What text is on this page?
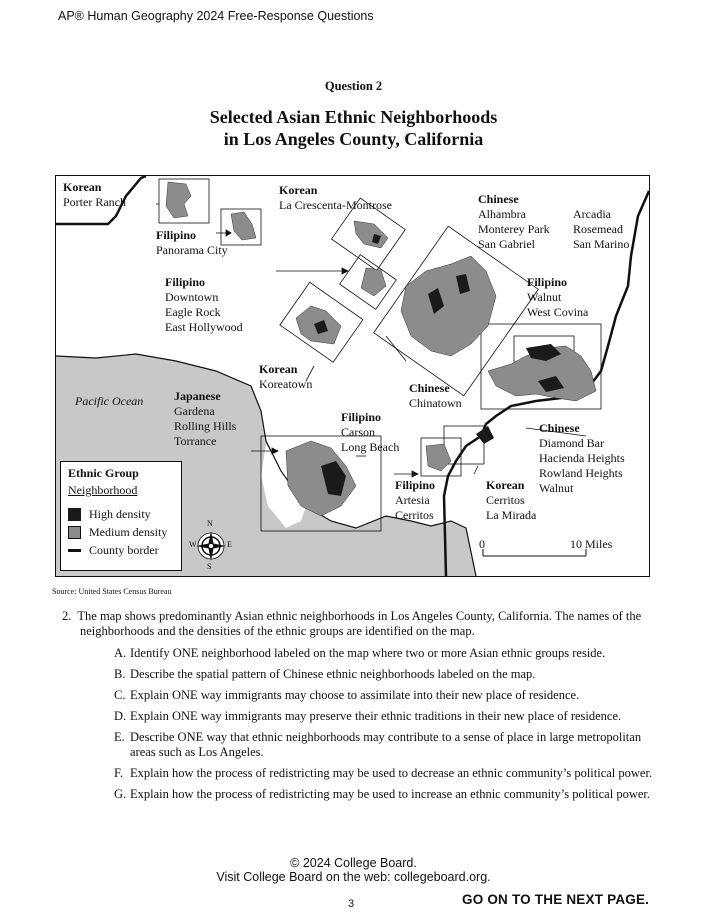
AP® Human Geography 2024 Free-Response Questions
Question 2
Selected Asian Ethnic Neighborhoods
in Los Angeles County, California
Korean
Porter Ranch
Filipino
Panorama City
Korean
La Crescenta-Montrose	Chinese
Alhambra
Monterey Park
San Gabriel
Arcadia
Rosemead
San Marino
Filipino
Downtown
Eagle Rock
East Hollywood
Filipino
Walnut
West Covina
Korean
Koreatown	Chinese
Chinatown
Pacific Ocean	Japanese
Gardena
Rolling Hills
Torrance
Filipino
Carson
Long Beach
Chinese
Diamond Bar
Hacienda Heights
Rowland Heights
Walnut
Filipino
Artesia
Cerritos
Korean
Cerritos
La Mirada
Ethnic Group
Neighborhood
High density
Medium density
County border
N
S
E
W	0	10 Miles
Source: United States Census Bureau

2. The map shows predominantly Asian ethnic neighborhoods in Los Angeles County, California. The names of the neighborhoods and the densities of the ethnic groups are identified on the map.

A. Identify ONE neighborhood labeled on the map where two or more Asian ethnic groups reside.
B. Describe the spatial pattern of Chinese ethnic neighborhoods labeled on the map.
C. Explain ONE way immigrants may choose to assimilate into their new place of residence.
D. Explain ONE way immigrants may preserve their ethnic traditions in their new place of residence.
E. Describe ONE way that ethnic neighborhoods may contribute to a sense of place in large metropolitan areas such as Los Angeles.
F. Explain how the process of redistricting may be used to decrease an ethnic community’s political power.
G. Explain how the process of redistricting may be used to increase an ethnic community’s political power.
© 2024 College Board.
Visit College Board on the web: collegeboard.org.
3	GO ON TO THE NEXT PAGE.
